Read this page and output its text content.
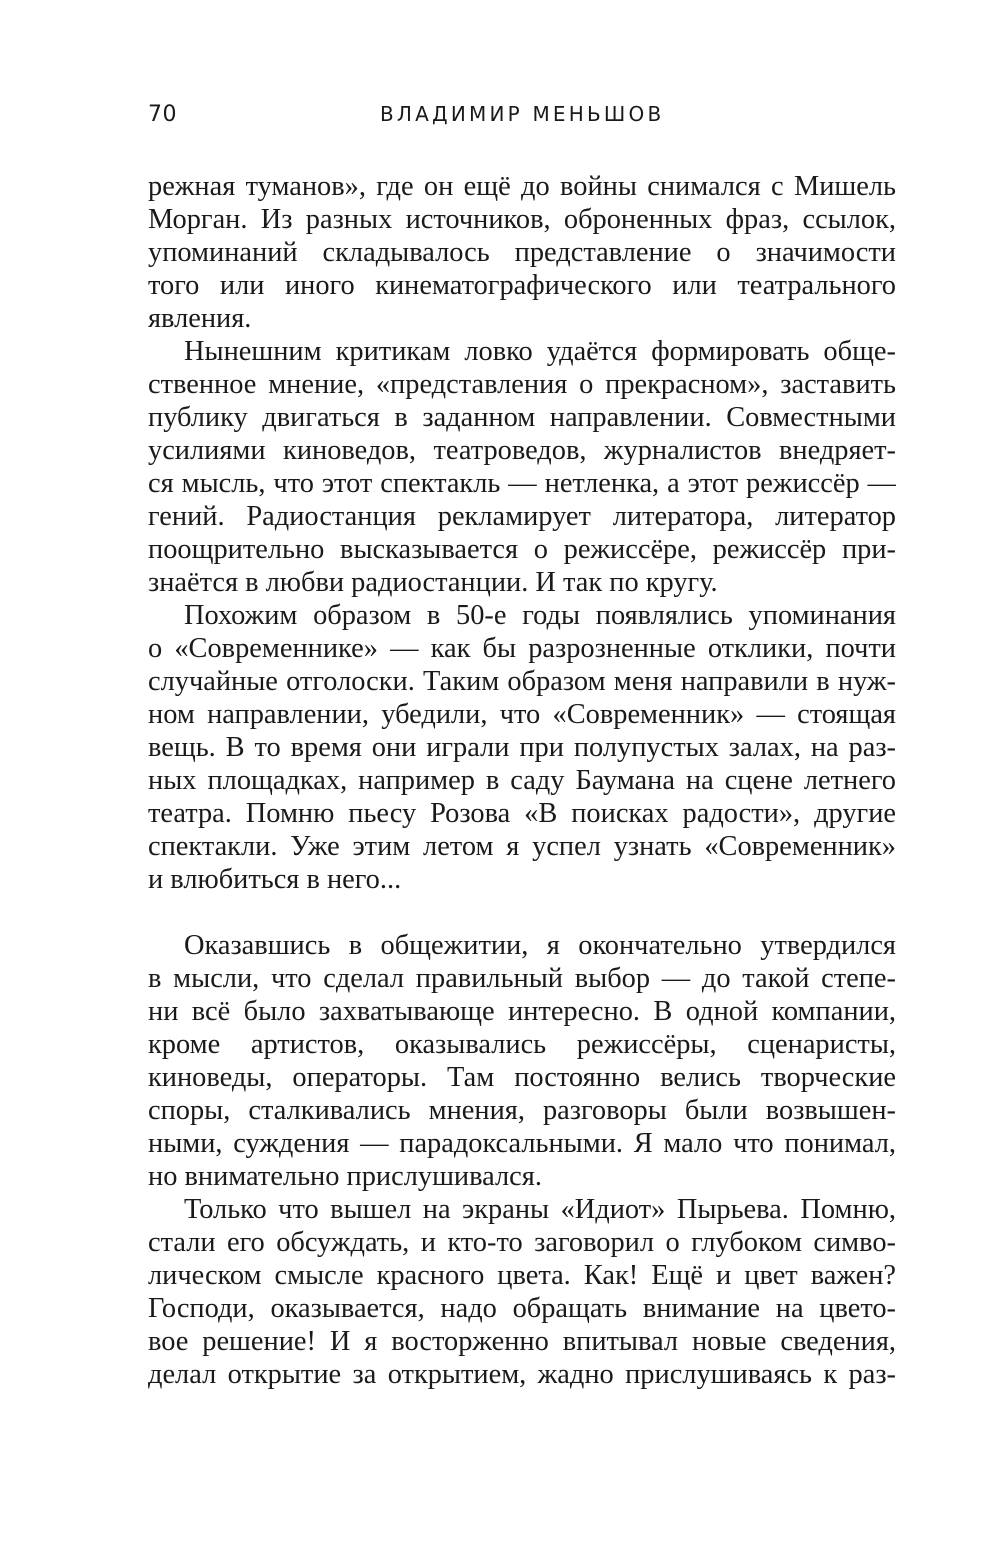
70	ВЛАДИМИР МЕНЬШОВ
режная туманов», где он ещё до войны снимался с Мишель
Морган. Из разных источников, оброненных фраз, ссылок,
упоминаний складывалось представление о значимости
того или иного кинематографического или театрального
явления.
Нынешним критикам ловко удаётся формировать обще-
ственное мнение, «представления о прекрасном», заставить
публику двигаться в заданном направлении. Совместными
усилиями киноведов, театроведов, журналистов внедряет-
ся мысль, что этот спектакль — нетленка, а этот режиссёр —
гений. Радиостанция рекламирует литератора, литератор
поощрительно высказывается о режиссёре, режиссёр при-
знаётся в любви радиостанции. И так по кругу.
Похожим образом в 50-е годы появлялись упоминания
о «Современнике» — как бы разрозненные отклики, почти
случайные отголоски. Таким образом меня направили в нуж-
ном направлении, убедили, что «Современник» — стоящая
вещь. В то время они играли при полупустых залах, на раз-
ных площадках, например в саду Баумана на сцене летнего
театра. Помню пьесу Розова «В поисках радости», другие
спектакли. Уже этим летом я успел узнать «Современник»
и влюбиться в него...
Оказавшись в общежитии, я окончательно утвердился
в мысли, что сделал правильный выбор — до такой степе-
ни всё было захватывающе интересно. В одной компании,
кроме артистов, оказывались режиссёры, сценаристы,
киноведы, операторы. Там постоянно велись творческие
споры, сталкивались мнения, разговоры были возвышен-
ными, суждения — парадоксальными. Я мало что понимал,
но внимательно прислушивался.
Только что вышел на экраны «Идиот» Пырьева. Помню,
стали его обсуждать, и кто-то заговорил о глубоком симво-
лическом смысле красного цвета. Как! Ещё и цвет важен?
Господи, оказывается, надо обращать внимание на цвето-
вое решение! И я восторженно впитывал новые сведения,
делал открытие за открытием, жадно прислушиваясь к раз-
